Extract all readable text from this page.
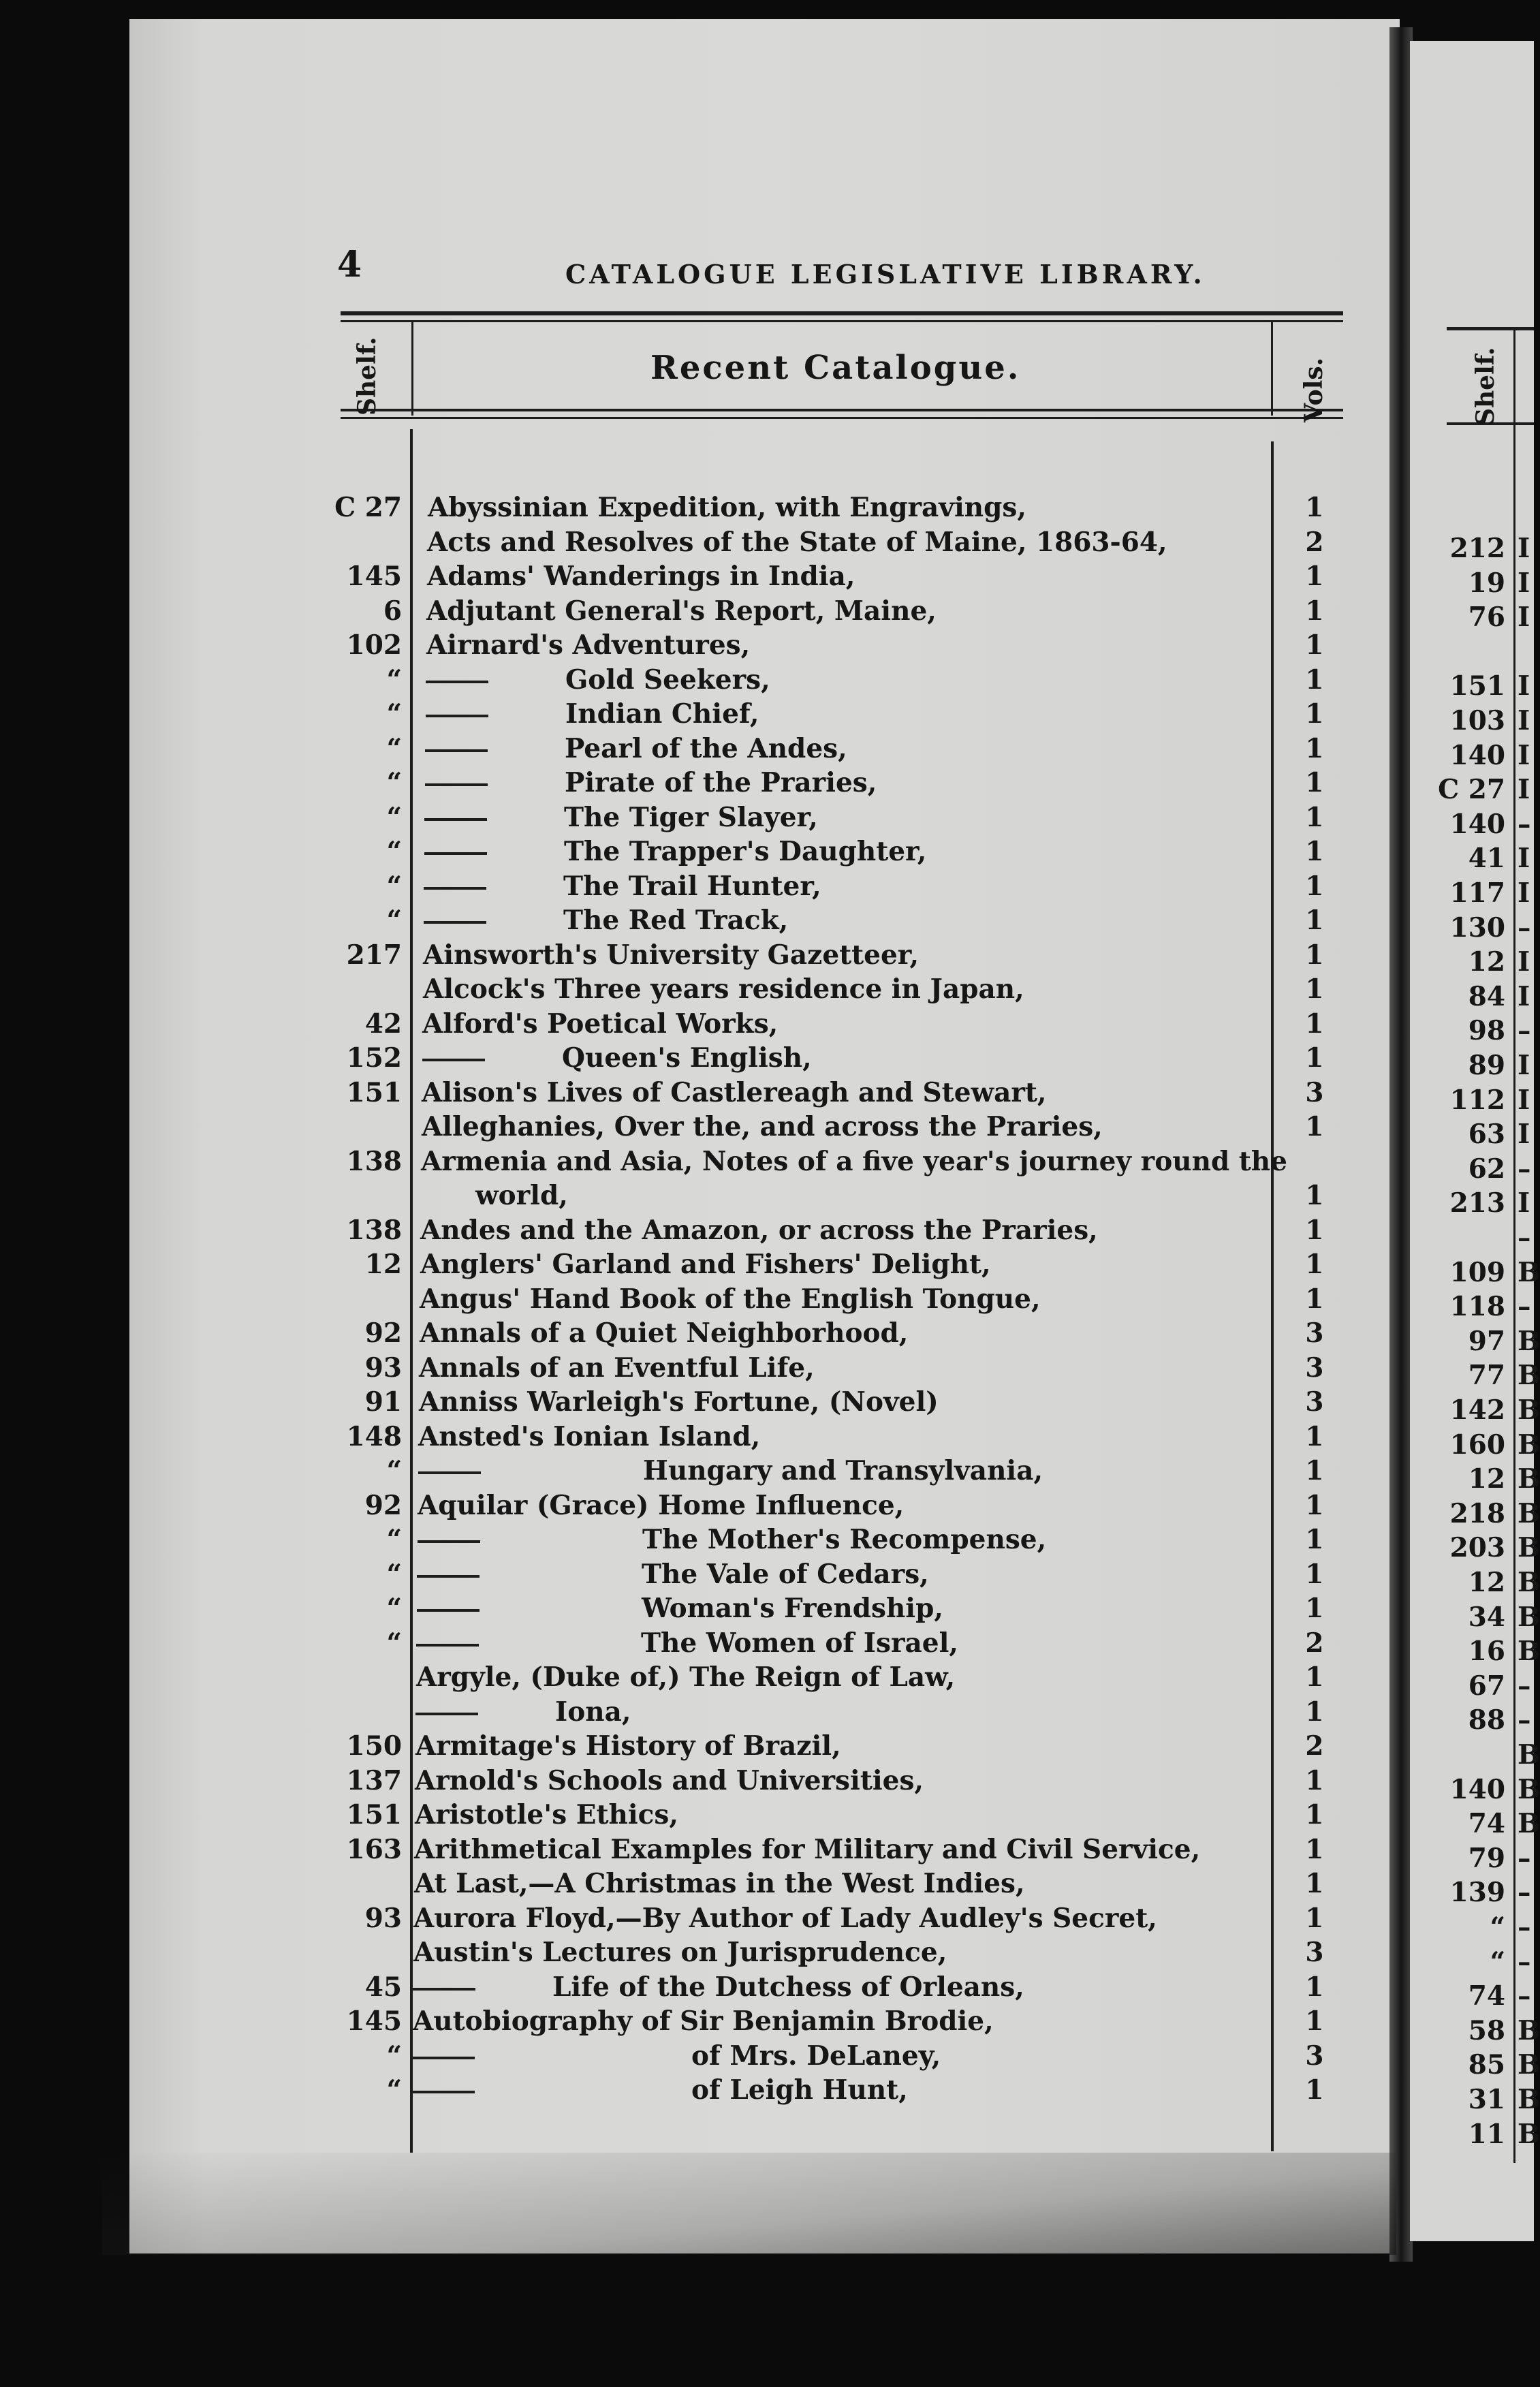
4	CATALOGUE LEGISLATIVE LIBRARY.
Shelf.	Vols.	Shelf.
Recent Catalogue.
C 27 Abyssinian Expedition, with Engravings,	1
Acts and Resolves of the State of Maine, 1863-64,	2
145 Adams' Wanderings in India,	1
6 Adjutant General's Report, Maine,	1
102 Airnard's Adventures,	1
“	Gold Seekers,	1
“	Indian Chief,	1
“	Pearl of the Andes,	1
“	Pirate of the Praries,	1
“	The Tiger Slayer,	1
“	The Trapper's Daughter,	1
“	The Trail Hunter,	1
“	The Red Track,	1
217 Ainsworth's University Gazetteer,	1
Alcock's Three years residence in Japan,	1
42 Alford's Poetical Works,	1
152	Queen's English,	1
151 Alison's Lives of Castlereagh and Stewart,	3
Alleghanies, Over the, and across the Praries,	1
138 Armenia and Asia, Notes of a five year's journey round the
world,	1
138 Andes and the Amazon, or across the Praries,	1
12 Anglers' Garland and Fishers' Delight,	1
Angus' Hand Book of the English Tongue,	1
92 Annals of a Quiet Neighborhood,	3
93 Annals of an Eventful Life,	3
91 Anniss Warleigh's Fortune, (Novel)	3
148 Ansted's Ionian Island,	1
“	Hungary and Transylvania,	1
92 Aquilar (Grace) Home Influence,	1
“	The Mother's Recompense,	1
“	The Vale of Cedars,	1
“	Woman's Frendship,	1
“	The Women of Israel,	2
Argyle, (Duke of,) The Reign of Law,	1
Iona,	1
150 Armitage's History of Brazil,	2
137 Arnold's Schools and Universities,	1
151 Aristotle's Ethics,	1
163 Arithmetical Examples for Military and Civil Service,	1
At Last,—A Christmas in the West Indies,	1
93 Aurora Floyd,—By Author of Lady Audley's Secret,	1
Austin's Lectures on Jurisprudence,	3
45	Life of the Dutchess of Orleans,	1
145 Autobiography of Sir Benjamin Brodie,	1
“	of Mrs. DeLaney,	3
“	of Leigh Hunt,	1
212 I
19 I
76 I
151 I
103 I
140 I
C 27 I
140 –
41 I
117 I
130 –
12 I
84 I
98 –
89 I
112 I
63 I
62 –
213 I
–
109 B
118 –
97 B
77 B
142 B
160 B
12 B
218 B
203 B
12 B
34 B
16 B
67 –
88 –
B
140 B
74 B
79 –
139 –
“ –
“ –
74 –
58 B
85 B
31 B
11 B
